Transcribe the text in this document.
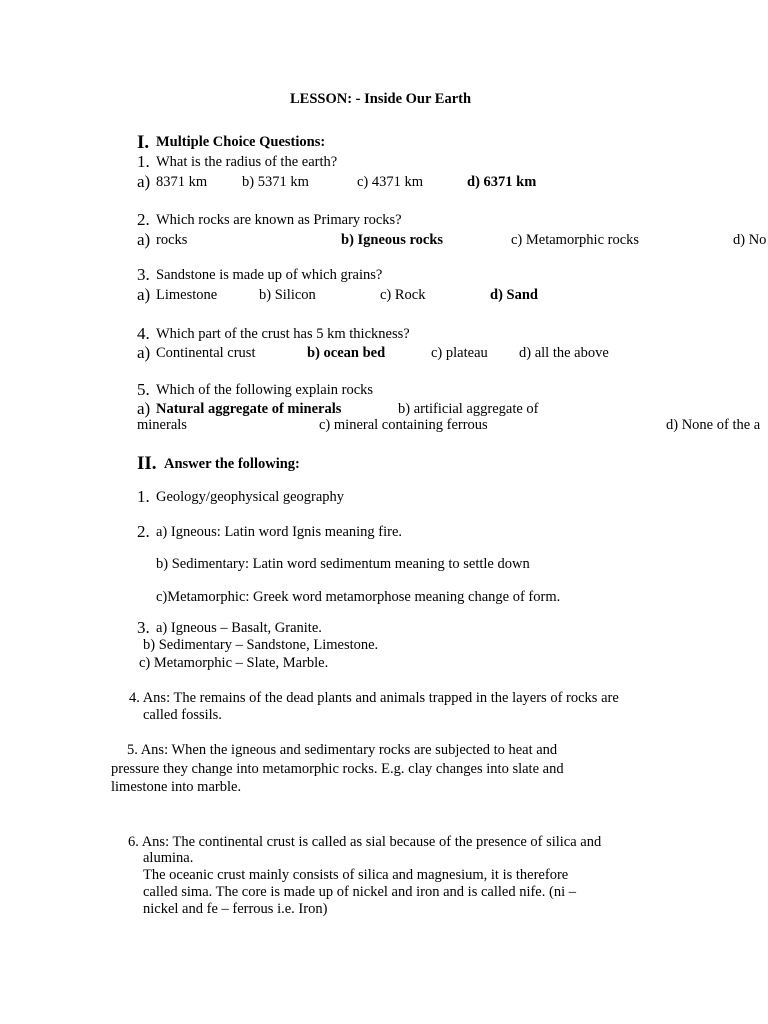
LESSON: - Inside Our Earth
I. Multiple Choice Questions:
1. What is the radius of the earth?
a) 8371 km b) 5371 km	c) 4371 km	d) 6371 km
2. Which rocks are known as Primary rocks?
a) rocks	b) Igneous rocks	c) Metamorphic rocks	d) No
3. Sandstone is made up of which grains?
a) Limestone	b) Silicon	c) Rock	d) Sand
4. Which part of the crust has 5 km thickness?
a) Continental crust	b) ocean bed	c) plateau d) all the above
5. Which of the following explain rocks
a) Natural aggregate of minerals	b) artificial aggregate of
minerals	c) mineral containing ferrous	d) None of the a
II. Answer the following:
1. Geology/geophysical geography
2. a) Igneous: Latin word Ignis meaning fire.
b) Sedimentary: Latin word sedimentum meaning to settle down
c)Metamorphic: Greek word metamorphose meaning change of form.
3. a) Igneous – Basalt, Granite.
b) Sedimentary – Sandstone, Limestone.
c) Metamorphic – Slate, Marble.
4. Ans: The remains of the dead plants and animals trapped in the layers of rocks are
called fossils.
5. Ans: When the igneous and sedimentary rocks are subjected to heat and
pressure they change into metamorphic rocks. E.g. clay changes into slate and
limestone into marble.
6. Ans: The continental crust is called as sial because of the presence of silica and
alumina.
The oceanic crust mainly consists of silica and magnesium, it is therefore
called sima. The core is made up of nickel and iron and is called nife. (ni –
nickel and fe – ferrous i.e. Iron)
